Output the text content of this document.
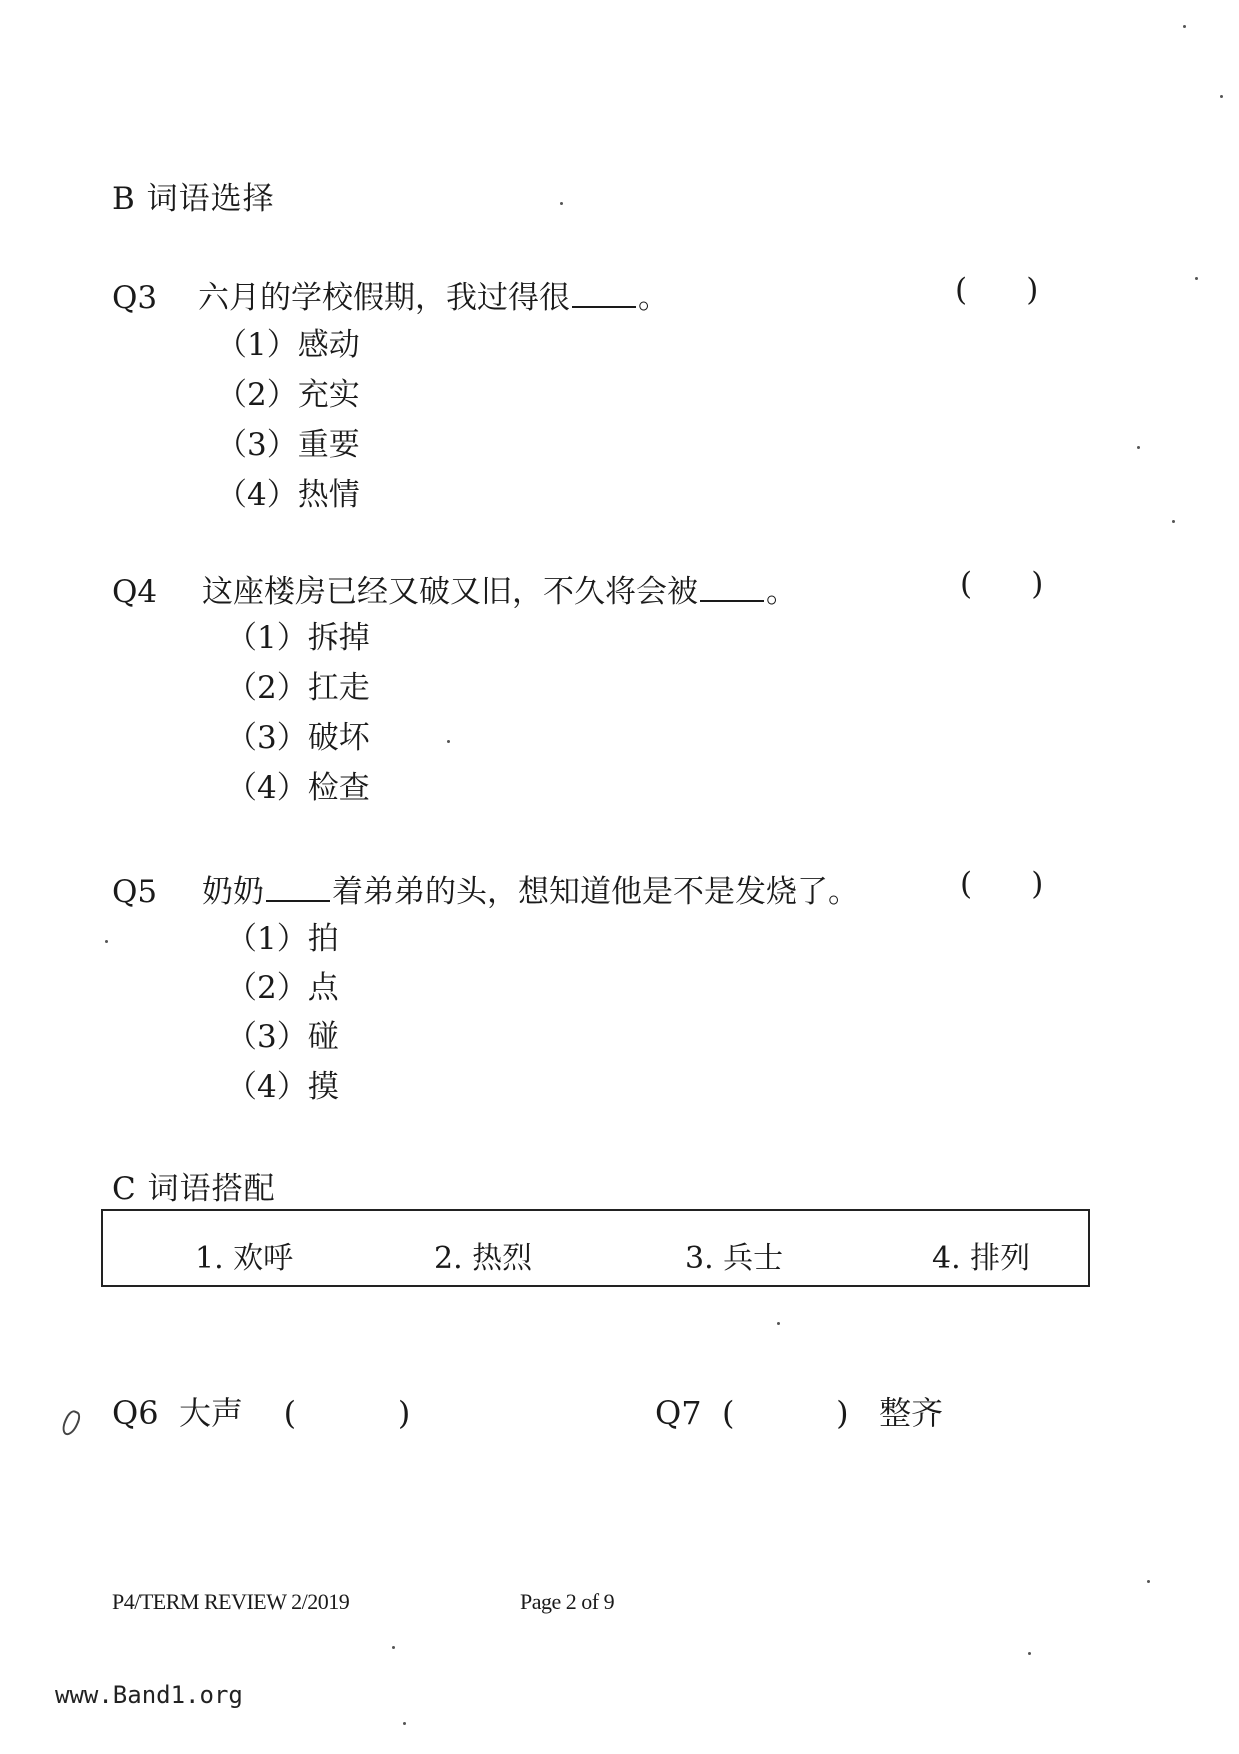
B 词语选择
Q3 六月的学校假期，我过得很 。	(      )
（1）感动
（2）充实
（3）重要
（4）热情
Q4 这座楼房已经又破又旧，不久将会被 。	(      )
（1）拆掉
（2）扛走
（3）破坏
（4）检查
Q5 奶奶 着弟弟的头，想知道他是不是发烧了。	(      )
（1）拍
（2）点
（3）碰
（4）摸
C 词语搭配
1. 欢呼	2. 热烈	3. 兵士	4. 排列
Q6 大声 (          )	Q7 (          ) 整齐
P4/TERM REVIEW 2/2019	Page 2 of 9
www.Band1.org
